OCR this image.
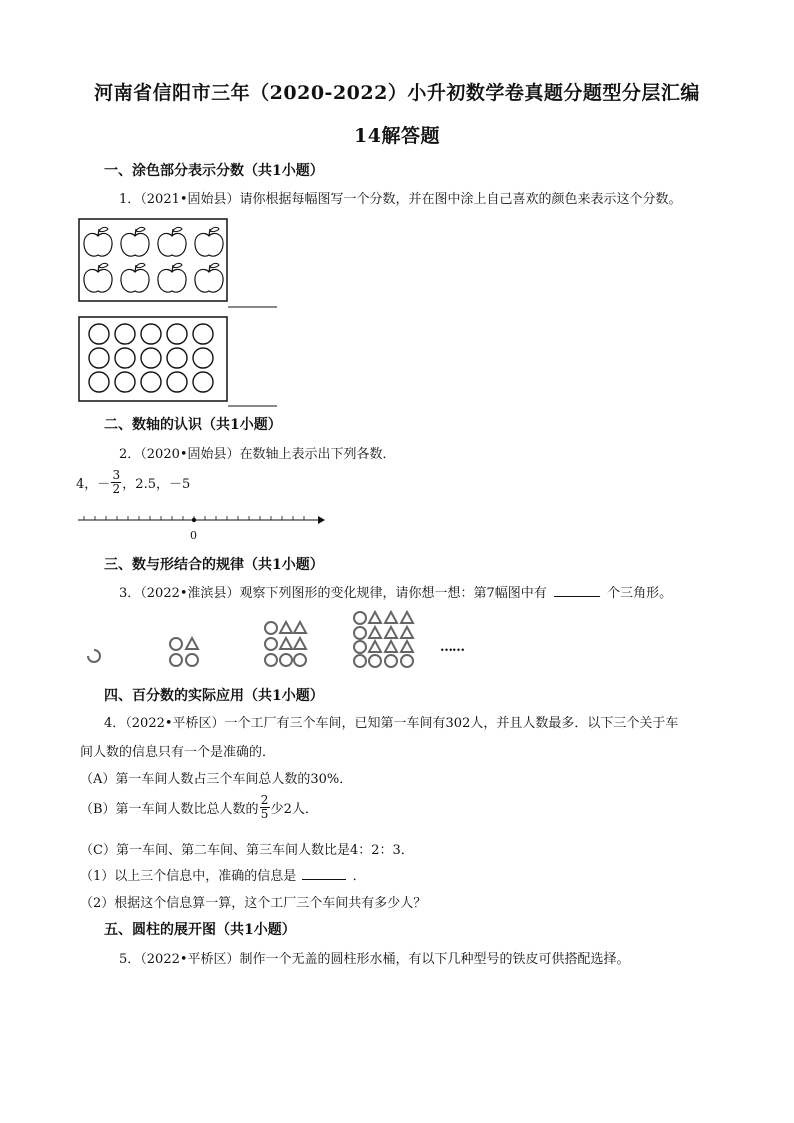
河南省信阳市三年（2020-2022）小升初数学卷真题分题型分层汇编
14解答题
一、涂色部分表示分数（共1小题）
1．（2021•固始县）请你根据每幅图写一个分数，并在图中涂上自己喜欢的颜色来表示这个分数。
二、数轴的认识（共1小题）
2．（2020•固始县）在数轴上表示出下列各数．
4， － $\frac{3}{2}$ ，2.5，－5
0
三、数与形结合的规律（共1小题）
3．（2022•淮滨县）观察下列图形的变化规律，请你想一想：第7幅图中有	个三角形。
……
四、百分数的实际应用（共1小题）
4．（2022•平桥区）一个工厂有三个车间，已知第一车间有302人，并且人数最多．以下三个关于车
间人数的信息只有一个是准确的．
（A）第一车间人数占三个车间总人数的30%．
（B）第一车间人数比总人数的 $\frac{2}{5}$ 少2人．
（C）第一车间、第二车间、第三车间人数比是4：2：3．
（1）以上三个信息中，准确的信息是	．
（2）根据这个信息算一算，这个工厂三个车间共有多少人？
五、圆柱的展开图（共1小题）
5．（2022•平桥区）制作一个无盖的圆柱形水桶，有以下几种型号的铁皮可供搭配选择。
